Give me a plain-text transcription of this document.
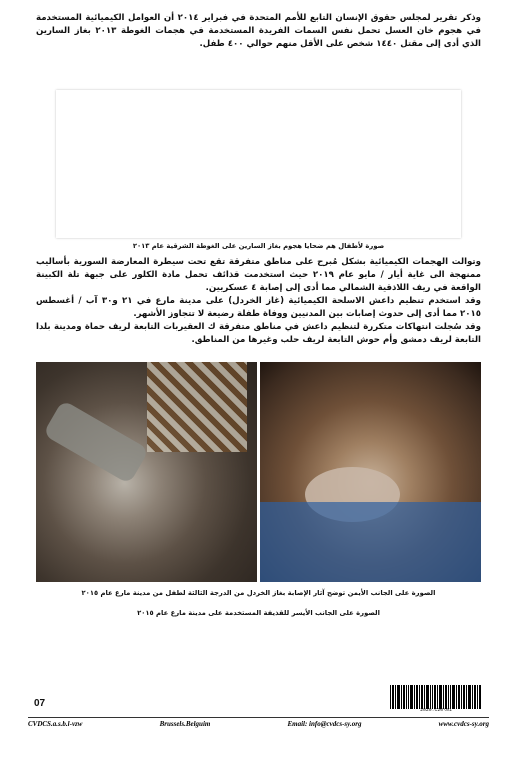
وذكر تقرير لمجلس حقوق الإنسان التابع للأمم المتحدة في فبراير ٢٠١٤ أن العوامل الكيميائية المستخدمة في هجوم خان العسل تحمل نفس السمات الفريدة المستخدمة في هجمات الغوطة ٢٠١٣ بغاز السارين الذي أدى إلى مقتل ١٤٤٠ شخص على الأقل منهم حوالي ٤٠٠ طفل.
صورة لأطفال هم ضحايا هجوم بغاز السارين على الغوطة الشرقية عام ٢٠١٣
وتوالت الهجمات الكيميائية بشكل مُبرح على مناطق متفرقة تقع تحت سيطرة المعارضة السورية بأساليب ممنهجة الى غاية أيار / مايو عام ٢٠١٩ حيث استخدمت قذائف تحمل مادة الكلور على جبهة تلة الكبينة الواقعة في ريف اللاذقية الشمالي مما أدى إلى إصابة ٤ عسكريين.
وقد استخدم تنظيم داعش الاسلحة الكيميائية (غاز الخردل) على مدينة مارع في ٢١ و٣٠ آب / أغسطس ٢٠١٥ مما أدى إلى حدوث إصابات بين المدنيين ووفاة طفلة رضيعة لا تتجاوز الأشهر.
وقد سُجلت انتهاكات متكررة لتنظيم داعش في مناطق متفرقة ك العقيربات التابعة لريف حماة ومدينة بلدا التابعة لريف دمشق وأم حوش التابعة لريف حلب وغيرها من المناطق.
الصورة على الجانب الأيمن توضح آثار الإصابة بغاز الخردل من الدرجة الثالثة لطفل من مدينة مارع عام ٢٠١٥
الصورة على الجانب الأيسر للقذيفة المستخدمة على مدينة مارع عام ٢٠١٥
07
2020.C20\01
CVDCS.a.s.b.l-vzw	Brussels.Belguim	Email: info@cvdcs-sy.org	www.cvdcs-sy.org
